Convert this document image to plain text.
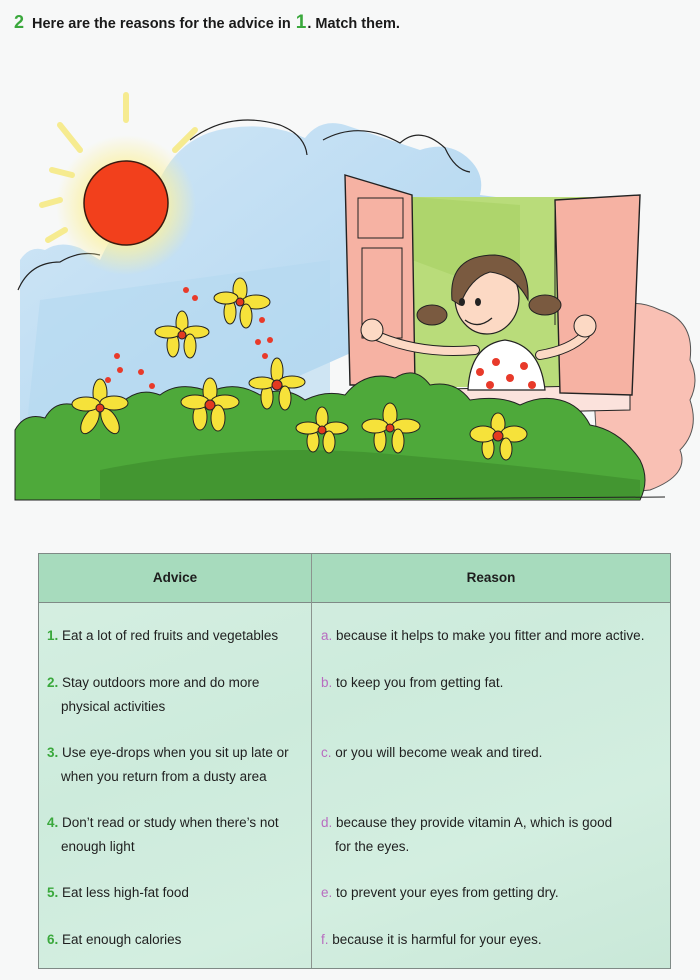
2 Here are the reasons for the advice in 1. Match them.
Advice	Reason
1. Eat a lot of red fruits and vegetables
2. Stay outdoors more and do more
physical activities
3. Use eye-drops when you sit up late or
when you return from a dusty area
4. Don’t read or study when there’s not
enough light
5. Eat less high-fat food
6. Eat enough calories
a. because it helps to make you fitter and more active.
b. to keep you from getting fat.
c. or you will become weak and tired.
d. because they provide vitamin A, which is good
for the eyes.
e. to prevent your eyes from getting dry.
f. because it is harmful for your eyes.
